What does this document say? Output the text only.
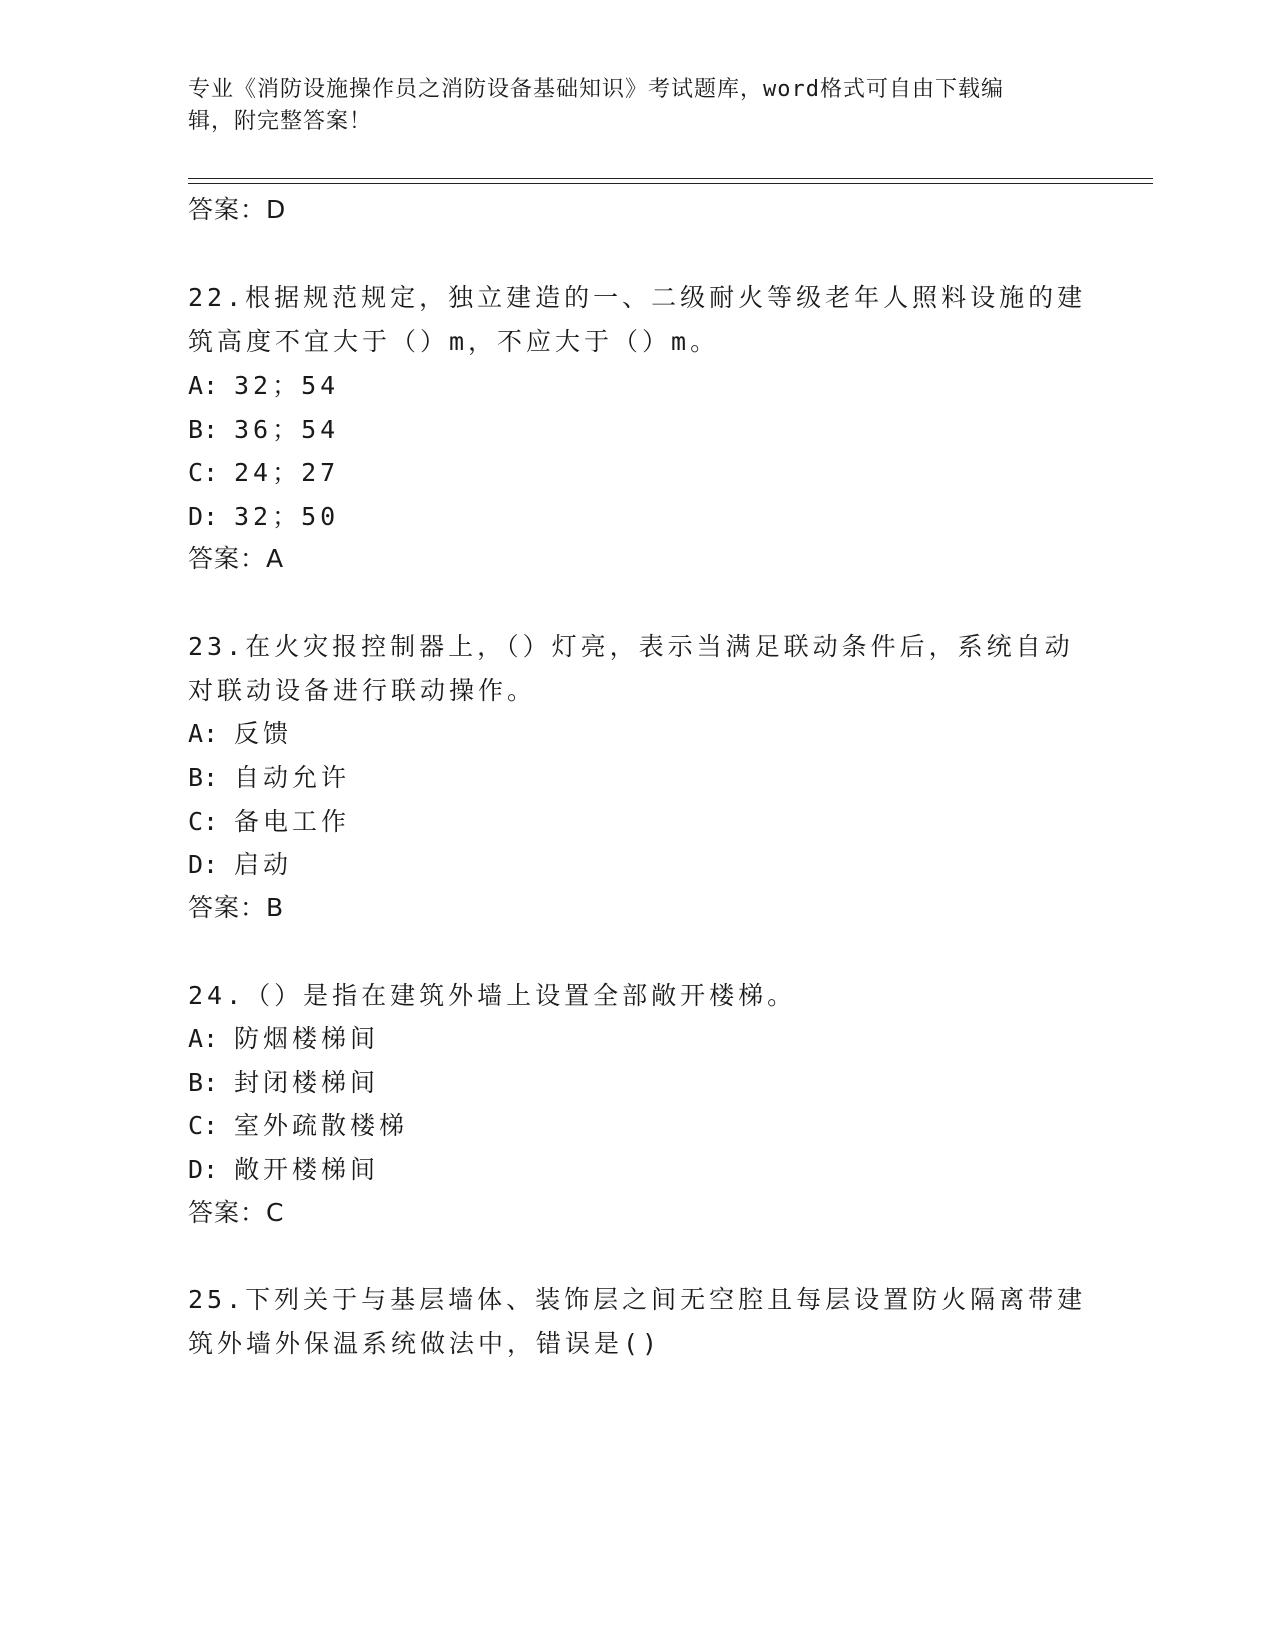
专业《消防设施操作员之消防设备基础知识》考试题库，word格式可自由下载编
辑，附完整答案！
答案：D
22.根据规范规定，独立建造的一、二级耐火等级老年人照料设施的建
筑高度不宜大于（）m，不应大于（）m。
A: 32；54
B: 36；54
C: 24；27
D: 32；50
答案：A
23.在火灾报控制器上，（）灯亮，表示当满足联动条件后，系统自动
对联动设备进行联动操作。
A: 反馈
B: 自动允许
C: 备电工作
D: 启动
答案：B
24.（）是指在建筑外墙上设置全部敞开楼梯。
A: 防烟楼梯间
B: 封闭楼梯间
C: 室外疏散楼梯
D: 敞开楼梯间
答案：C
25.下列关于与基层墙体、装饰层之间无空腔且每层设置防火隔离带建
筑外墙外保温系统做法中，错误是()
